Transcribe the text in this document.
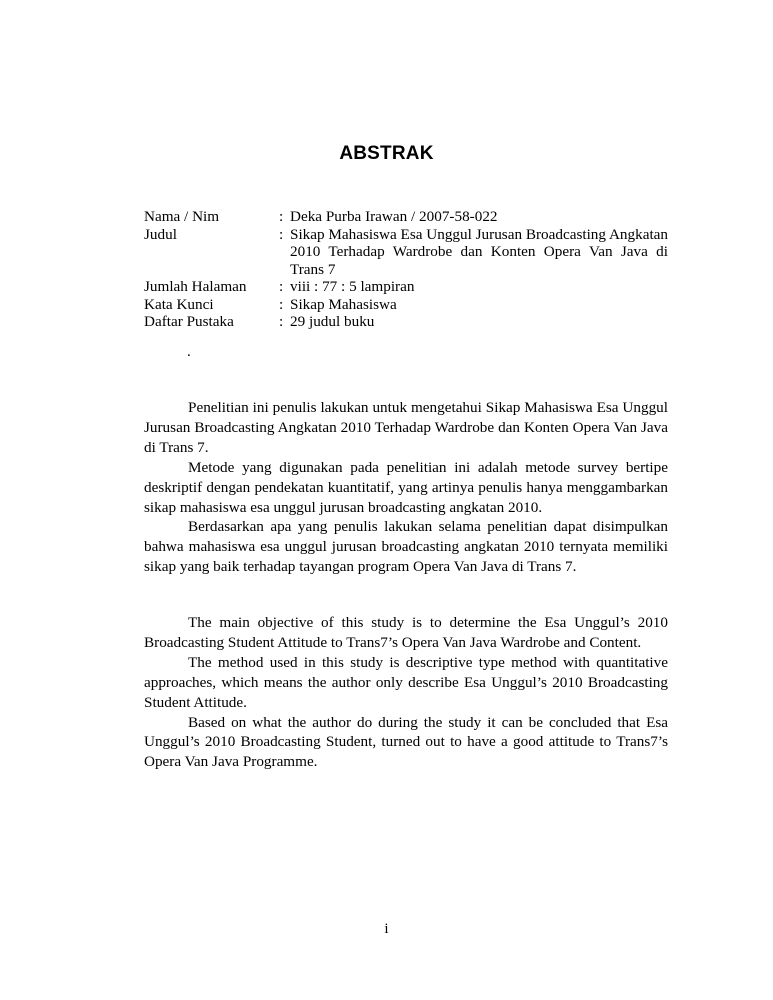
ABSTRAK
Nama / Nim	: Deka Purba Irawan / 2007-58-022
Judul	: Sikap Mahasiswa Esa Unggul Jurusan Broadcasting Angkatan 2010 Terhadap Wardrobe dan Konten Opera Van Java di Trans 7
Jumlah Halaman	: viii : 77 : 5 lampiran
Kata Kunci	: Sikap Mahasiswa
Daftar Pustaka	: 29 judul buku
.

Penelitian ini penulis lakukan untuk mengetahui Sikap Mahasiswa Esa Unggul Jurusan Broadcasting Angkatan 2010 Terhadap Wardrobe dan Konten Opera Van Java di Trans 7.

Metode yang digunakan pada penelitian ini adalah metode survey bertipe deskriptif dengan pendekatan kuantitatif, yang artinya penulis hanya menggambarkan sikap mahasiswa esa unggul jurusan broadcasting angkatan 2010.

Berdasarkan apa yang penulis lakukan selama penelitian dapat disimpulkan bahwa mahasiswa esa unggul jurusan broadcasting angkatan 2010 ternyata memiliki sikap yang baik terhadap tayangan program Opera Van Java di Trans 7.

The main objective of this study is to determine the Esa Unggul’s 2010 Broadcasting Student Attitude to Trans7’s Opera Van Java Wardrobe and Content.

The method used in this study is descriptive type method with quantitative approaches, which means the author only describe Esa Unggul’s 2010 Broadcasting Student Attitude.

Based on what the author do during the study it can be concluded that Esa Unggul’s 2010 Broadcasting Student, turned out to have a good attitude to Trans7’s Opera Van Java Programme.

i
